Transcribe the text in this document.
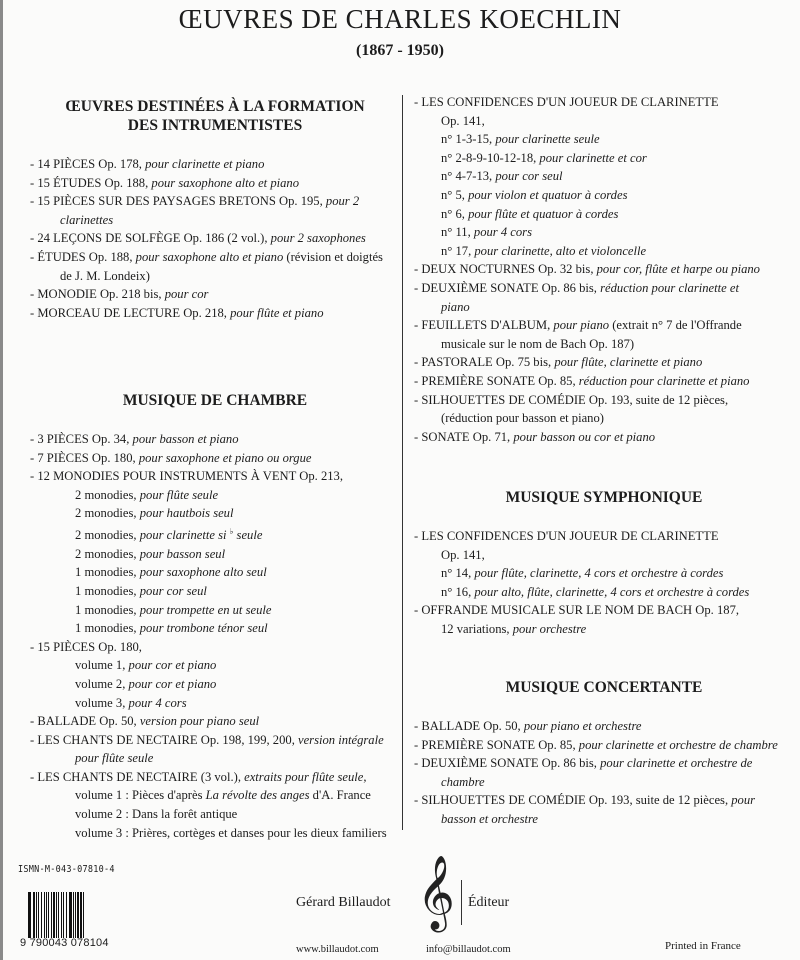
ŒUVRES DE CHARLES KOECHLIN
(1867 - 1950)
ŒUVRES DESTINÉES À LA FORMATION
DES INTRUMENTISTES
- 14 PIÈCES Op. 178, pour clarinette et piano
- 15 ÉTUDES Op. 188, pour saxophone alto et piano
- 15 PIÈCES SUR DES PAYSAGES BRETONS Op. 195, pour 2
clarinettes
- 24 LEÇONS DE SOLFÈGE Op. 186 (2 vol.), pour 2 saxophones
- ÉTUDES Op. 188, pour saxophone alto et piano (révision et doigtés
de J. M. Londeix)
- MONODIE Op. 218 bis, pour cor
- MORCEAU DE LECTURE Op. 218, pour flûte et piano
MUSIQUE DE CHAMBRE
- 3 PIÈCES Op. 34, pour basson et piano
- 7 PIÈCES Op. 180, pour saxophone et piano ou orgue
- 12 MONODIES POUR INSTRUMENTS À VENT Op. 213,
2 monodies, pour flûte seule
2 monodies, pour hautbois seul
2 monodies, pour clarinette si ♭ seule
2 monodies, pour basson seul
1 monodies, pour saxophone alto seul
1 monodies, pour cor seul
1 monodies, pour trompette en ut seule
1 monodies, pour trombone ténor seul
- 15 PIÈCES Op. 180,
volume 1, pour cor et piano
volume 2, pour cor et piano
volume 3, pour 4 cors
- BALLADE Op. 50, version pour piano seul
- LES CHANTS DE NECTAIRE Op. 198, 199, 200, version intégrale
pour flûte seule
- LES CHANTS DE NECTAIRE (3 vol.), extraits pour flûte seule,
volume 1 : Pièces d'après La révolte des anges d'A. France
volume 2 : Dans la forêt antique
volume 3 : Prières, cortèges et danses pour les dieux familiers
- LES CONFIDENCES D'UN JOUEUR DE CLARINETTE
Op. 141,
n° 1-3-15, pour clarinette seule
n° 2-8-9-10-12-18, pour clarinette et cor
n° 4-7-13, pour cor seul
n° 5, pour violon et quatuor à cordes
n° 6, pour flûte et quatuor à cordes
n° 11, pour 4 cors
n° 17, pour clarinette, alto et violoncelle
- DEUX NOCTURNES Op. 32 bis, pour cor, flûte et harpe ou piano
- DEUXIÈME SONATE Op. 86 bis, réduction pour clarinette et
piano
- FEUILLETS D'ALBUM, pour piano (extrait n° 7 de l'Offrande
musicale sur le nom de Bach Op. 187)
- PASTORALE Op. 75 bis, pour flûte, clarinette et piano
- PREMIÈRE SONATE Op. 85, réduction pour clarinette et piano
- SILHOUETTES DE COMÉDIE Op. 193, suite de 12 pièces,
(réduction pour basson et piano)
- SONATE Op. 71, pour basson ou cor et piano
MUSIQUE SYMPHONIQUE
- LES CONFIDENCES D'UN JOUEUR DE CLARINETTE
Op. 141,
n° 14, pour flûte, clarinette, 4 cors et orchestre à cordes
n° 16, pour alto, flûte, clarinette, 4 cors et orchestre à cordes
- OFFRANDE MUSICALE SUR LE NOM DE BACH Op. 187,
12 variations, pour orchestre
MUSIQUE CONCERTANTE
- BALLADE Op. 50, pour piano et orchestre
- PREMIÈRE SONATE Op. 85, pour clarinette et orchestre de chambre
- DEUXIÈME SONATE Op. 86 bis, pour clarinette et orchestre de
chambre
- SILHOUETTES DE COMÉDIE Op. 193, suite de 12 pièces, pour
basson et orchestre
ISMN-M-043-07810-4
9 790043 078104
Gérard Billaudot 𝄞 Éditeur
www.billaudot.com	info@billaudot.com	Printed in France
